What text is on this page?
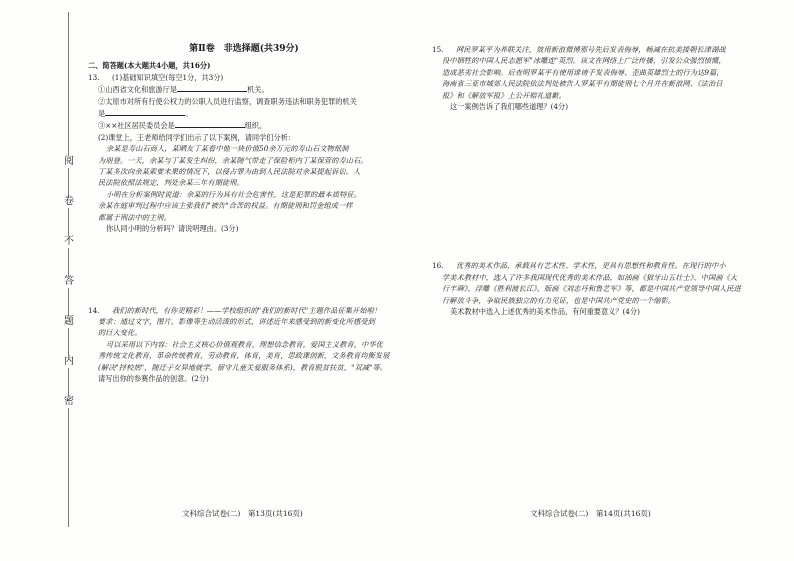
阅
卷
不
答
题
内
密

第Ⅱ卷　非选择题(共39分)

二、简答题(本大题共4小题，共16分)

13. (1)基础知识填空(每空1分，共3分)
①山西省文化和旅游厅是	机关。
②太原市对所有行使公权力的公职人员进行监察，调查职务违法和职务犯罪的机关
是	。
③××社区居民委员会是	组织。
(2)课堂上，王老师给同学们出示了以下案例，请同学们分析：
余某是寿山石商人，某晒友丁某看中他一块价值50余万元的寿山石文物纸制
为朋登。一天，余某与丁某发生纠纷，余某随气带走了保险柜内丁某保管的寿山石。
丁某多次向余某索要未果的情况下，以侵占罪为由到人民法院对余某提起诉讼。人
民法院依照法规定，判处余某三年有期徒刑。
小明在分析案例时说道：余某的行为具有社会危害性，这是犯罪的最本质特征。
余某在庭审判过程中应该主张我们"被告"合苦的权益。有期徒刑和罚金组成一样
都属于刑法中的主刑。
你认同小明的分析吗？请说明理由。(3分)
14. 我们的新时代，有你更精彩！——学校组织的"我们的新时代"主题作品征集开始啦！
要求：通过文字，图片，影像等生动活泼的形式，讲述近年来感受到的新变化所感受到
的巨大变化。
可以采用以下内容：社会主义核心价值观教育，理想信念教育，爱国主义教育，中华优
秀传统文化教育，革命传统教育，劳动教育，体育，美育，思政课创新，文务教育均衡发展
(解决"择校热"，随迁子女异地就学，留守儿童关爱服务体系)，教育脱贫扶贫，"双减"等。
请写出你的参赛作品的创意。(2分)
15. 网民罗某平为养联关注，效用新浪微博那号先后发表侮辱，畅减在抗美援朝长津湖战
役中牺牲的中国人民志愿军"冰雕连"英烈。该文在网络上广泛传播，引发公众强烈愤慨，
造成恶劣社会影响。后查明罗某平有使用诽谤手发表侮辱、歪曲英雄烈士的行为达9篇，
海南省三亚市城郊人民法院依法判处被告人罗某平有期徒刑七个月并在新浪网、《法治日
报》和《解放军报》上公开赔礼道歉。
这一案例告诉了我们哪些道理？(4分)
16. 优秀的美术作品，承载具有艺术性、学术性，更具有思想性和教育性。在现行的中小
学美术教材中，选入了许多我国现代优秀的美术作品，如油画《狼牙山五壮士》、中国画《大
行丰碑》、浮雕《胜利渡长江》，版画《刘志丹和鲁艺军》等，都是中国共产党领导中国人民进
行解放斗争，争取民族独立的有力见证，也是中国共产党史的一个缩影。
美术教材中选入上述优秀的美术作品，有何重要意义？(4分)
文科综合试卷(二)　第13页(共16页)	文科综合试卷(二)　第14页(共16页)
